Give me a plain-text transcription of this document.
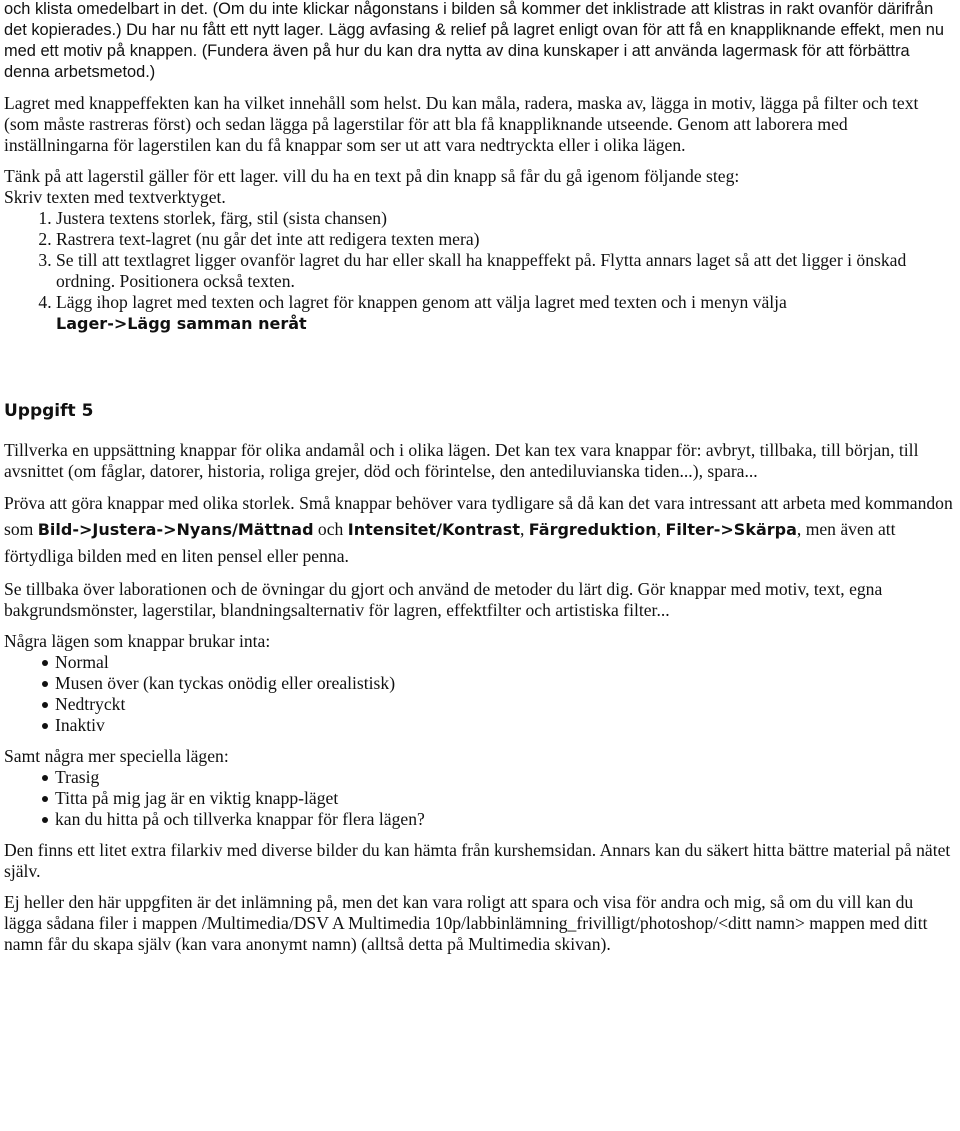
och klista omedelbart in det. (Om du inte klickar någonstans i bilden så kommer det inklistrade att klistras in rakt ovanför därifrån det kopierades.) Du har nu fått ett nytt lager. Lägg avfasing & relief på lagret enligt ovan för att få en knappliknande effekt, men nu med ett motiv på knappen. (Fundera även på hur du kan dra nytta av dina kunskaper i att använda lagermask för att förbättra denna arbetsmetod.)

Lagret med knappeffekten kan ha vilket innehåll som helst. Du kan måla, radera, maska av, lägga in motiv, lägga på filter och text (som måste rastreras först) och sedan lägga på lagerstilar för att bla få knappliknande utseende. Genom att laborera med inställningarna för lagerstilen kan du få knappar som ser ut att vara nedtryckta eller i olika lägen.

Tänk på att lagerstil gäller för ett lager. vill du ha en text på din knapp så får du gå igenom följande steg:

Skriv texten med textverktyget.

1. Justera textens storlek, färg, stil (sista chansen)
2. Rastrera text-lagret (nu går det inte att redigera texten mera)
3. Se till att textlagret ligger ovanför lagret du har eller skall ha knappeffekt på. Flytta annars laget så att det ligger i önskad ordning. Positionera också texten.
4. Lägg ihop lagret med texten och lagret för knappen genom att välja lagret med texten och i menyn välja
Lager->Lägg samman neråt
Uppgift 5

Tillverka en uppsättning knappar för olika andamål och i olika lägen. Det kan tex vara knappar för: avbryt, tillbaka, till början, till avsnittet (om fåglar, datorer, historia, roliga grejer, död och förintelse, den antediluvianska tiden...), spara...

Pröva att göra knappar med olika storlek. Små knappar behöver vara tydligare så då kan det vara intressant att arbeta med kommandon som Bild->Justera->Nyans/Mättnad och Intensitet/Kontrast, Färgreduktion, Filter->Skärpa, men även att förtydliga bilden med en liten pensel eller penna.

Se tillbaka över laborationen och de övningar du gjort och använd de metoder du lärt dig. Gör knappar med motiv, text, egna bakgrundsmönster, lagerstilar, blandningsalternativ för lagren, effektfilter och artistiska filter...

Några lägen som knappar brukar inta:

Normal
Musen över (kan tyckas onödig eller orealistisk)
Nedtryckt
Inaktiv

Samt några mer speciella lägen:

Trasig
Titta på mig jag är en viktig knapp-läget
kan du hitta på och tillverka knappar för flera lägen?

Den finns ett litet extra filarkiv med diverse bilder du kan hämta från kurshemsidan. Annars kan du säkert hitta bättre material på nätet själv.

Ej heller den här uppgfiten är det inlämning på, men det kan vara roligt att spara och visa för andra och mig, så om du vill kan du lägga sådana filer i mappen /Multimedia/DSV A Multimedia 10p/labbinlämning_frivilligt/photoshop/<ditt namn> mappen med ditt namn får du skapa själv (kan vara anonymt namn) (alltså detta på Multimedia skivan).
